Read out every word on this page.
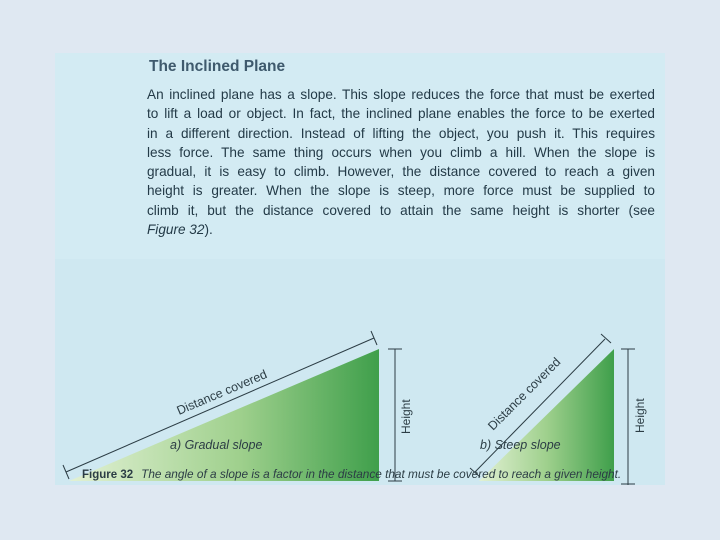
The Inclined Plane
An inclined plane has a slope. This slope reduces the force that must be exerted
to lift a load or object. In fact, the inclined plane enables the force to be exerted
in a different direction. Instead of lifting the object, you push it. This requires
less force. The same thing occurs when you climb a hill. When the slope is
gradual, it is easy to climb. However, the distance covered to reach a given
height is greater. When the slope is steep, more force must be supplied to
climb it, but the distance covered to attain the same height is shorter (see
Figure 32).
Distance covered	Height	Distance covered	Height
a) Gradual slope	b) Steep slope
Figure 32 The angle of a slope is a factor in the distance that must be covered to reach a given height.
